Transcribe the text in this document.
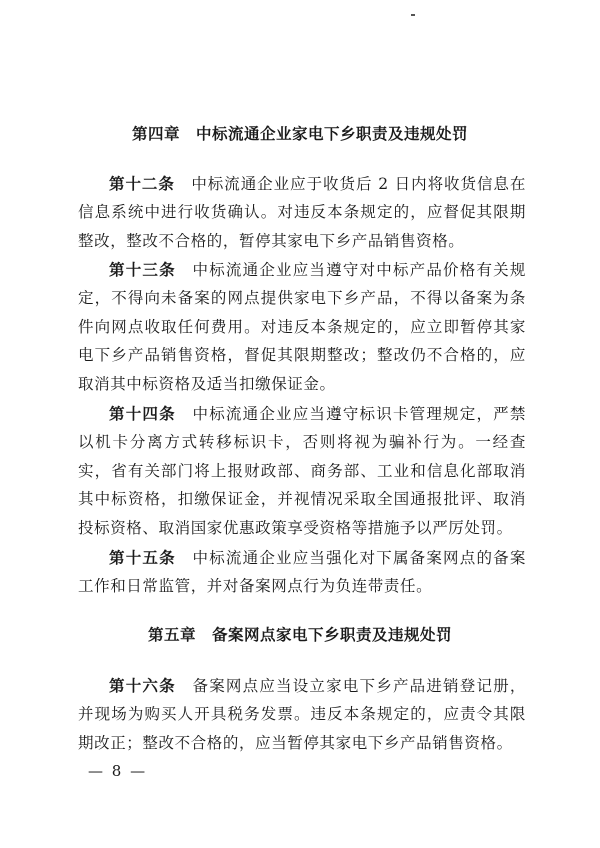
第四章　中标流通企业家电下乡职责及违规处罚

第十二条　 中标流通企业应于收货后 2 日内将收货信息在信息系统中进行收货确认。对违反本条规定的，应督促其限期整改，整改不合格的，暂停其家电下乡产品销售资格。

第十三条　 中标流通企业应当遵守对中标产品价格有关规定，不得向未备案的网点提供家电下乡产品，不得以备案为条件向网点收取任何费用。对违反本条规定的，应立即暂停其家电下乡产品销售资格，督促其限期整改；整改仍不合格的，应取消其中标资格及适当扣缴保证金。

第十四条　 中标流通企业应当遵守标识卡管理规定，严禁以机卡分离方式转移标识卡，否则将视为骗补行为。一经查实，省有关部门将上报财政部、商务部、工业和信息化部取消其中标资格，扣缴保证金，并视情况采取全国通报批评、取消投标资格、取消国家优惠政策享受资格等措施予以严厉处罚。

第十五条　 中标流通企业应当强化对下属备案网点的备案工作和日常监管，并对备案网点行为负连带责任。

第五章　备案网点家电下乡职责及违规处罚

第十六条　 备案网点应当设立家电下乡产品进销登记册，并现场为购买人开具税务发票。违反本条规定的，应责令其限期改正；整改不合格的，应当暂停其家电下乡产品销售资格。

— 8 —
